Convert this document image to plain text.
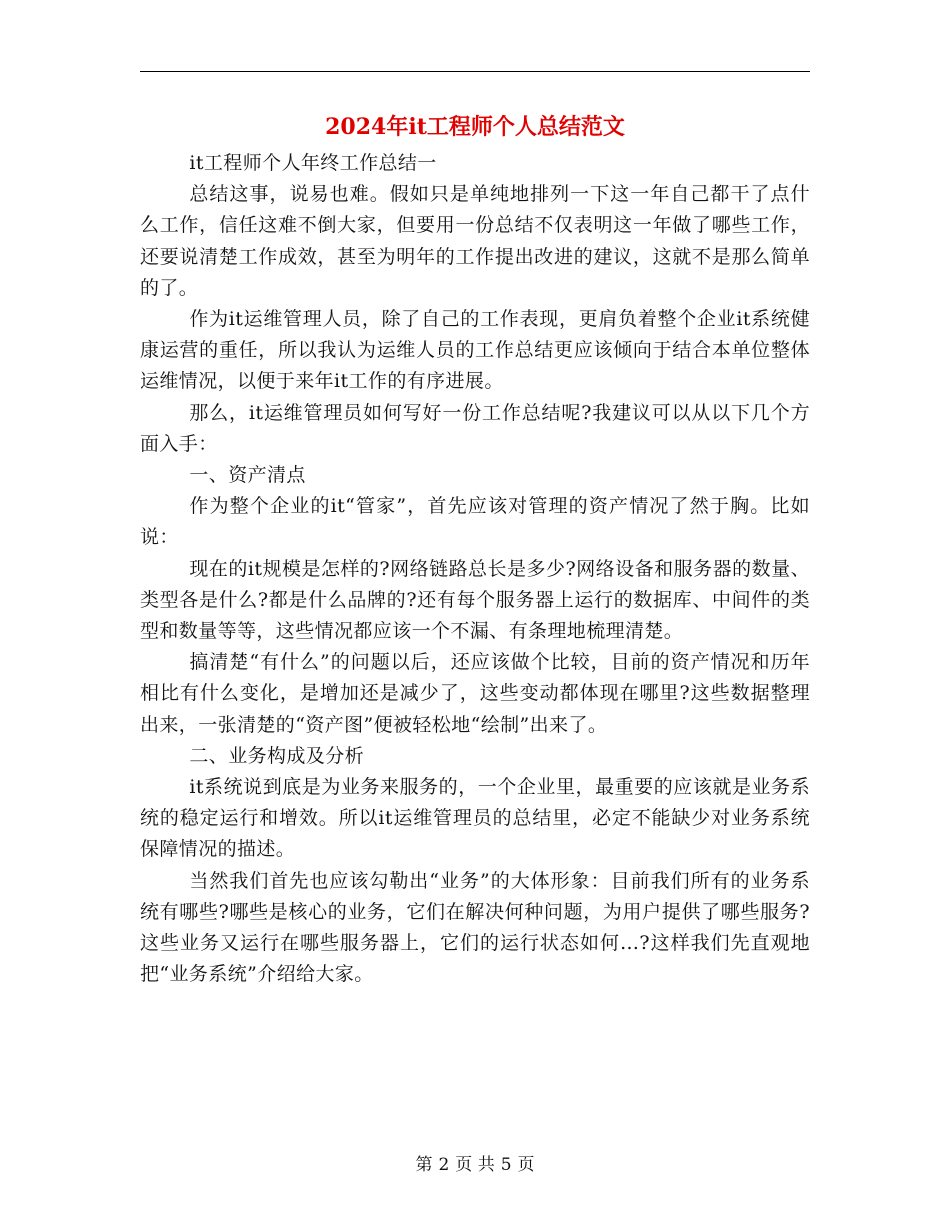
2024年it工程师个人总结范文

it工程师个人年终工作总结一

总结这事，说易也难。假如只是单纯地排列一下这一年自己都干了点什么工作，信任这难不倒大家，但要用一份总结不仅表明这一年做了哪些工作，还要说清楚工作成效，甚至为明年的工作提出改进的建议，这就不是那么简单的了。

作为it运维管理人员，除了自己的工作表现，更肩负着整个企业it系统健康运营的重任，所以我认为运维人员的工作总结更应该倾向于结合本单位整体运维情况，以便于来年it工作的有序进展。

那么，it运维管理员如何写好一份工作总结呢?我建议可以从以下几个方面入手：

一、资产清点

作为整个企业的it“管家”，首先应该对管理的资产情况了然于胸。比如说：

现在的it规模是怎样的?网络链路总长是多少?网络设备和服务器的数量、类型各是什么?都是什么品牌的?还有每个服务器上运行的数据库、中间件的类型和数量等等，这些情况都应该一个不漏、有条理地梳理清楚。

搞清楚“有什么”的问题以后，还应该做个比较，目前的资产情况和历年相比有什么变化，是增加还是减少了，这些变动都体现在哪里?这些数据整理出来，一张清楚的“资产图”便被轻松地“绘制”出来了。

二、业务构成及分析

it系统说到底是为业务来服务的，一个企业里，最重要的应该就是业务系统的稳定运行和增效。所以it运维管理员的总结里，必定不能缺少对业务系统保障情况的描述。

当然我们首先也应该勾勒出“业务”的大体形象：目前我们所有的业务系统有哪些?哪些是核心的业务，它们在解决何种问题，为用户提供了哪些服务?这些业务又运行在哪些服务器上，它们的运行状态如何…?这样我们先直观地把“业务系统”介绍给大家。

第 2 页 共 5 页
